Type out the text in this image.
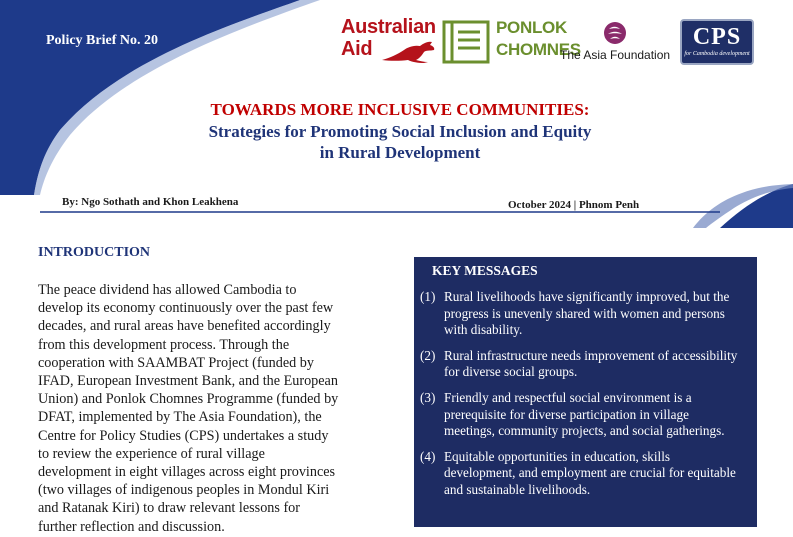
Policy Brief No. 20
Australian
Aid
PONLOK
CHOMNES
The Asia Foundation
CPS
for Cambodia development
TOWARDS MORE INCLUSIVE COMMUNITIES:
Strategies for Promoting Social Inclusion and Equity
in Rural Development
By: Ngo Sothath and Khon Leakhena	October 2024 | Phnom Penh
INTRODUCTION
The peace dividend has allowed Cambodia to
develop its economy continuously over the past few
decades, and rural areas have benefited accordingly
from this development process. Through the
cooperation with SAAMBAT Project (funded by
IFAD, European Investment Bank, and the European
Union) and Ponlok Chomnes Programme (funded by
DFAT, implemented by The Asia Foundation), the
Centre for Policy Studies (CPS) undertakes a study
to review the experience of rural village
development in eight villages across eight provinces
(two villages of indigenous peoples in Mondul Kiri
and Ratanak Kiri) to draw relevant lessons for
further reflection and discussion.
KEY MESSAGES
(1) Rural livelihoods have significantly improved, but the progress is unevenly shared with women and persons with disability.
(2) Rural infrastructure needs improvement of accessibility for diverse social groups.
(3) Friendly and respectful social environment is a prerequisite for diverse participation in village meetings, community projects, and social gatherings.
(4) Equitable opportunities in education, skills development, and employment are crucial for equitable and sustainable livelihoods.
